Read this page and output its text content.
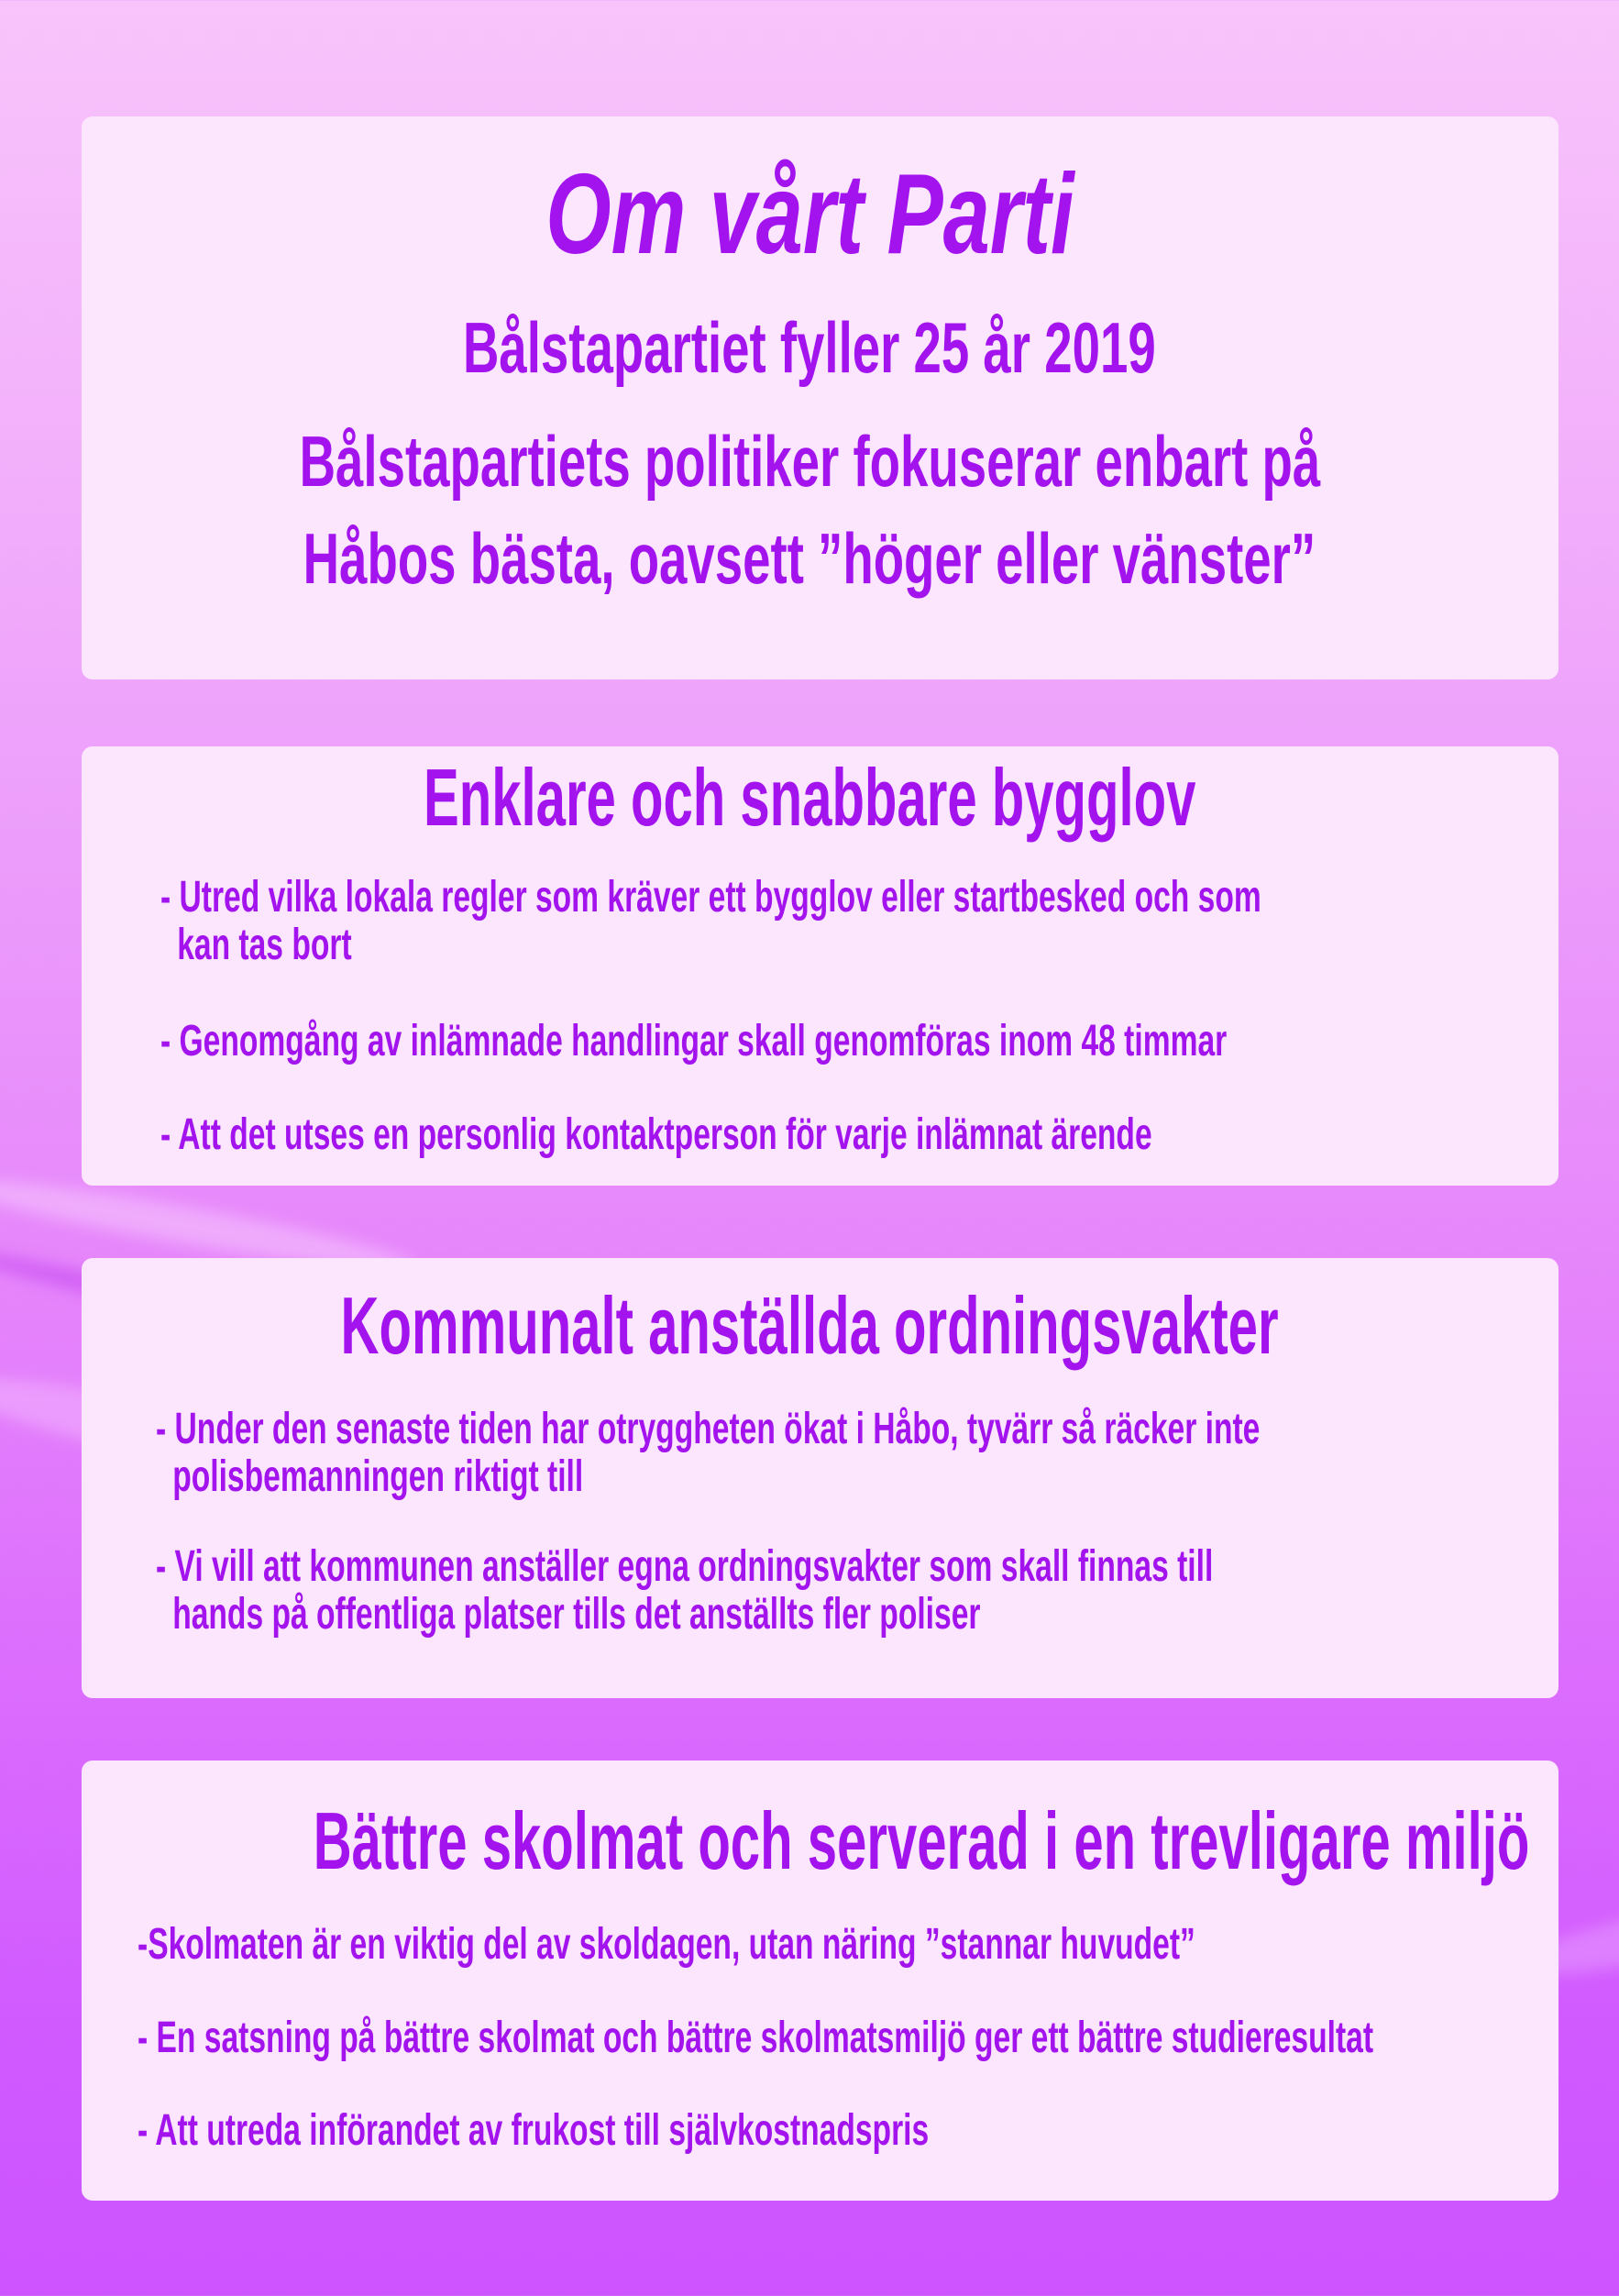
Om vårt Parti
Bålstapartiet fyller 25 år 2019
Bålstapartiets politiker fokuserar enbart på
Håbos bästa, oavsett ”höger eller vänster”
Enklare och snabbare bygglov
- Utred vilka lokala regler som kräver ett bygglov eller startbesked och som
kan tas bort
- Genomgång av inlämnade handlingar skall genomföras inom 48 timmar
- Att det utses en personlig kontaktperson för varje inlämnat ärende
Kommunalt anställda ordningsvakter
- Under den senaste tiden har otryggheten ökat i Håbo, tyvärr så räcker inte
polisbemanningen riktigt till
- Vi vill att kommunen anställer egna ordningsvakter som skall finnas till
hands på offentliga platser tills det anställts fler poliser
Bättre skolmat och serverad i en trevligare miljö
-Skolmaten är en viktig del av skoldagen, utan näring ”stannar huvudet”
- En satsning på bättre skolmat och bättre skolmatsmiljö ger ett bättre studieresultat
- Att utreda införandet av frukost till självkostnadspris
